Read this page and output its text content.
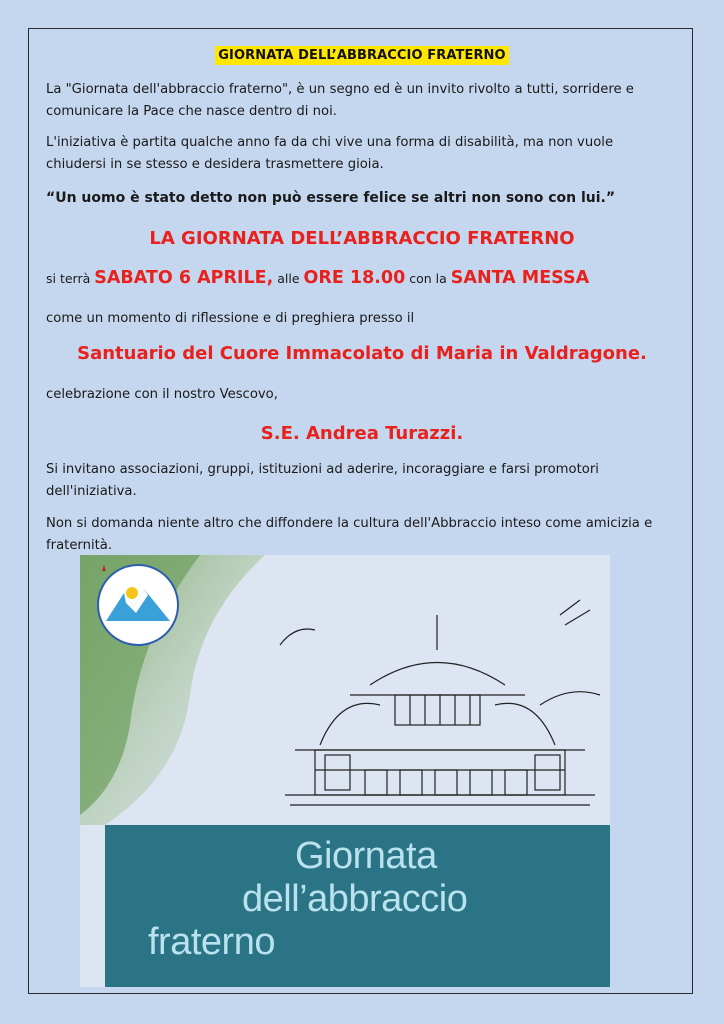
GIORNATA DELL’ABBRACCIO FRATERNO
La "Giornata dell'abbraccio fraterno", è un segno ed è un invito rivolto a tutti, sorridere e
comunicare la Pace che nasce dentro di noi.
L'iniziativa è partita qualche anno fa da chi vive una forma di disabilità, ma non vuole
chiudersi in se stesso e desidera trasmettere gioia.
“Un uomo è stato detto non può essere felice se altri non sono con lui.”
LA GIORNATA DELL’ABBRACCIO FRATERNO
si terrà SABATO 6 APRILE, alle ORE 18.00 con la SANTA MESSA
come un momento di riflessione e di preghiera presso il
Santuario del Cuore Immacolato di Maria in Valdragone.
celebrazione con il nostro Vescovo,
S.E. Andrea Turazzi.
Si invitano associazioni, gruppi, istituzioni ad aderire, incoraggiare e farsi promotori
dell'iniziativa.
Non si domanda niente altro che diffondere la cultura dell'Abbraccio inteso come amicizia e
fraternità.
Giornata
dell’abbraccio
fraterno
